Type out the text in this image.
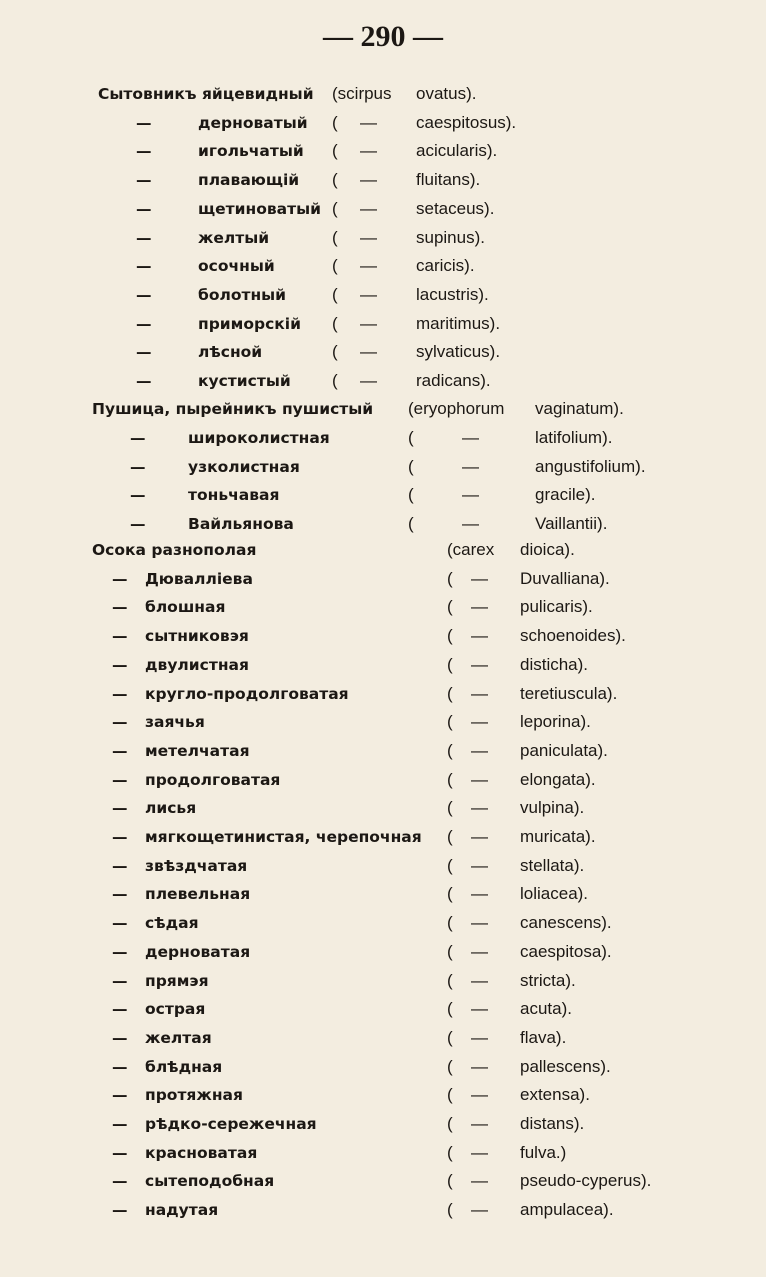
— 290 —
Сытовникъ яйцевидный (scirpus ovatus).
—	дерноватый ( — caespitosus).
—	игольчатый ( — acicularis).
—	плавающій ( — fluitans).
—	щетиноватый ( — setaceus).
—	желтый	( — supinus).
—	осочный	( — caricis).
—	болотный	( — lacustris).
—	приморскій ( — maritimus).
—	лѣсной	( — sylvaticus).
—	кустистый ( — radicans).
Пушица, пырейникъ пушистый (eryophorum vaginatum).
—	широколистная	(	—	latifolium).
—	узколистная	(	—	angustifolium).
—	тоньчавая	(	—	gracile).
—	Вайльянова	(	—	Vaillantii).
Осока разнополая	(carex dioica).
— Дювалліева	( — Duvalliana).
— блошная	( — pulicaris).
— сытниковэя	( — schoenoides).
— двулистная	( — disticha).
— кругло-продолговатая	( — teretiuscula).
— заячья	( — leporina).
— метелчатая	( — paniculata).
— продолговатая	( — elongata).
— лисья	( — vulpina).
— мягкощетинистая, черепочная ( — muricata).
— звѣздчатая	( — stellata).
— плевельная	( — loliacea).
— сѣдая	( — canescens).
— дерноватая	( — caespitosa).
— прямэя	( — stricta).
— острая	( — acuta).
— желтая	( — flava).
— блѣдная	( — pallescens).
— протяжная	( — extensa).
— рѣдко-сережечная	( — distans).
— красноватая	( — fulva.)
— сытеподобная	( — pseudo-cyperus).
— надутая	( — ampulacea).
